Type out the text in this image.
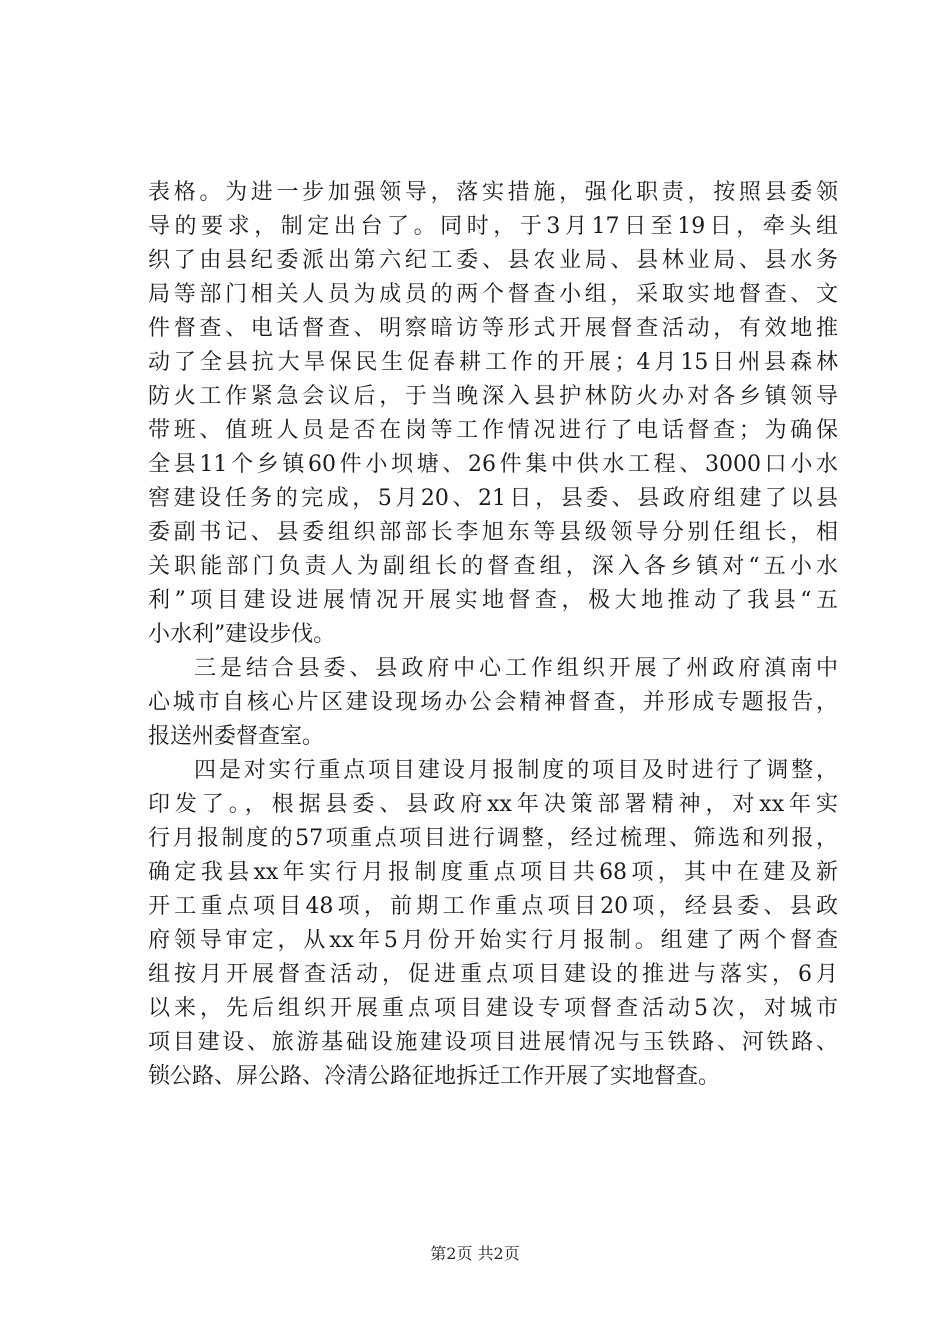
表格。为进一步加强领导，落实措施，强化职责，按照县委领
导的要求，制定出台了。同时，于3月17日至19日，牵头组
织了由县纪委派出第六纪工委、县农业局、县林业局、县水务
局等部门相关人员为成员的两个督查小组，采取实地督查、文
件督查、电话督查、明察暗访等形式开展督查活动，有效地推
动了全县抗大旱保民生促春耕工作的开展；4月15日州县森林
防火工作紧急会议后，于当晚深入县护林防火办对各乡镇领导
带班、值班人员是否在岗等工作情况进行了电话督查；为确保
全县11个乡镇60件小坝塘、26件集中供水工程、3000口小水
窖建设任务的完成，5月20、21日，县委、县政府组建了以县
委副书记、县委组织部部长李旭东等县级领导分别任组长，相
关职能部门负责人为副组长的督查组，深入各乡镇对“五小水
利”项目建设进展情况开展实地督查，极大地推动了我县“五
小水利”建设步伐。
三是结合县委、县政府中心工作组织开展了州政府滇南中
心城市自核心片区建设现场办公会精神督查，并形成专题报告，
报送州委督查室。
四是对实行重点项目建设月报制度的项目及时进行了调整，
印发了。，根据县委、县政府xx年决策部署精神，对xx年实
行月报制度的57项重点项目进行调整，经过梳理、筛选和列报，
确定我县xx年实行月报制度重点项目共68项，其中在建及新
开工重点项目48项，前期工作重点项目20项，经县委、县政
府领导审定，从xx年5月份开始实行月报制。组建了两个督查
组按月开展督查活动，促进重点项目建设的推进与落实，6月
以来，先后组织开展重点项目建设专项督查活动5次，对城市
项目建设、旅游基础设施建设项目进展情况与玉铁路、河铁路、
锁公路、屏公路、冷清公路征地拆迁工作开展了实地督查。
第2页 共2页
